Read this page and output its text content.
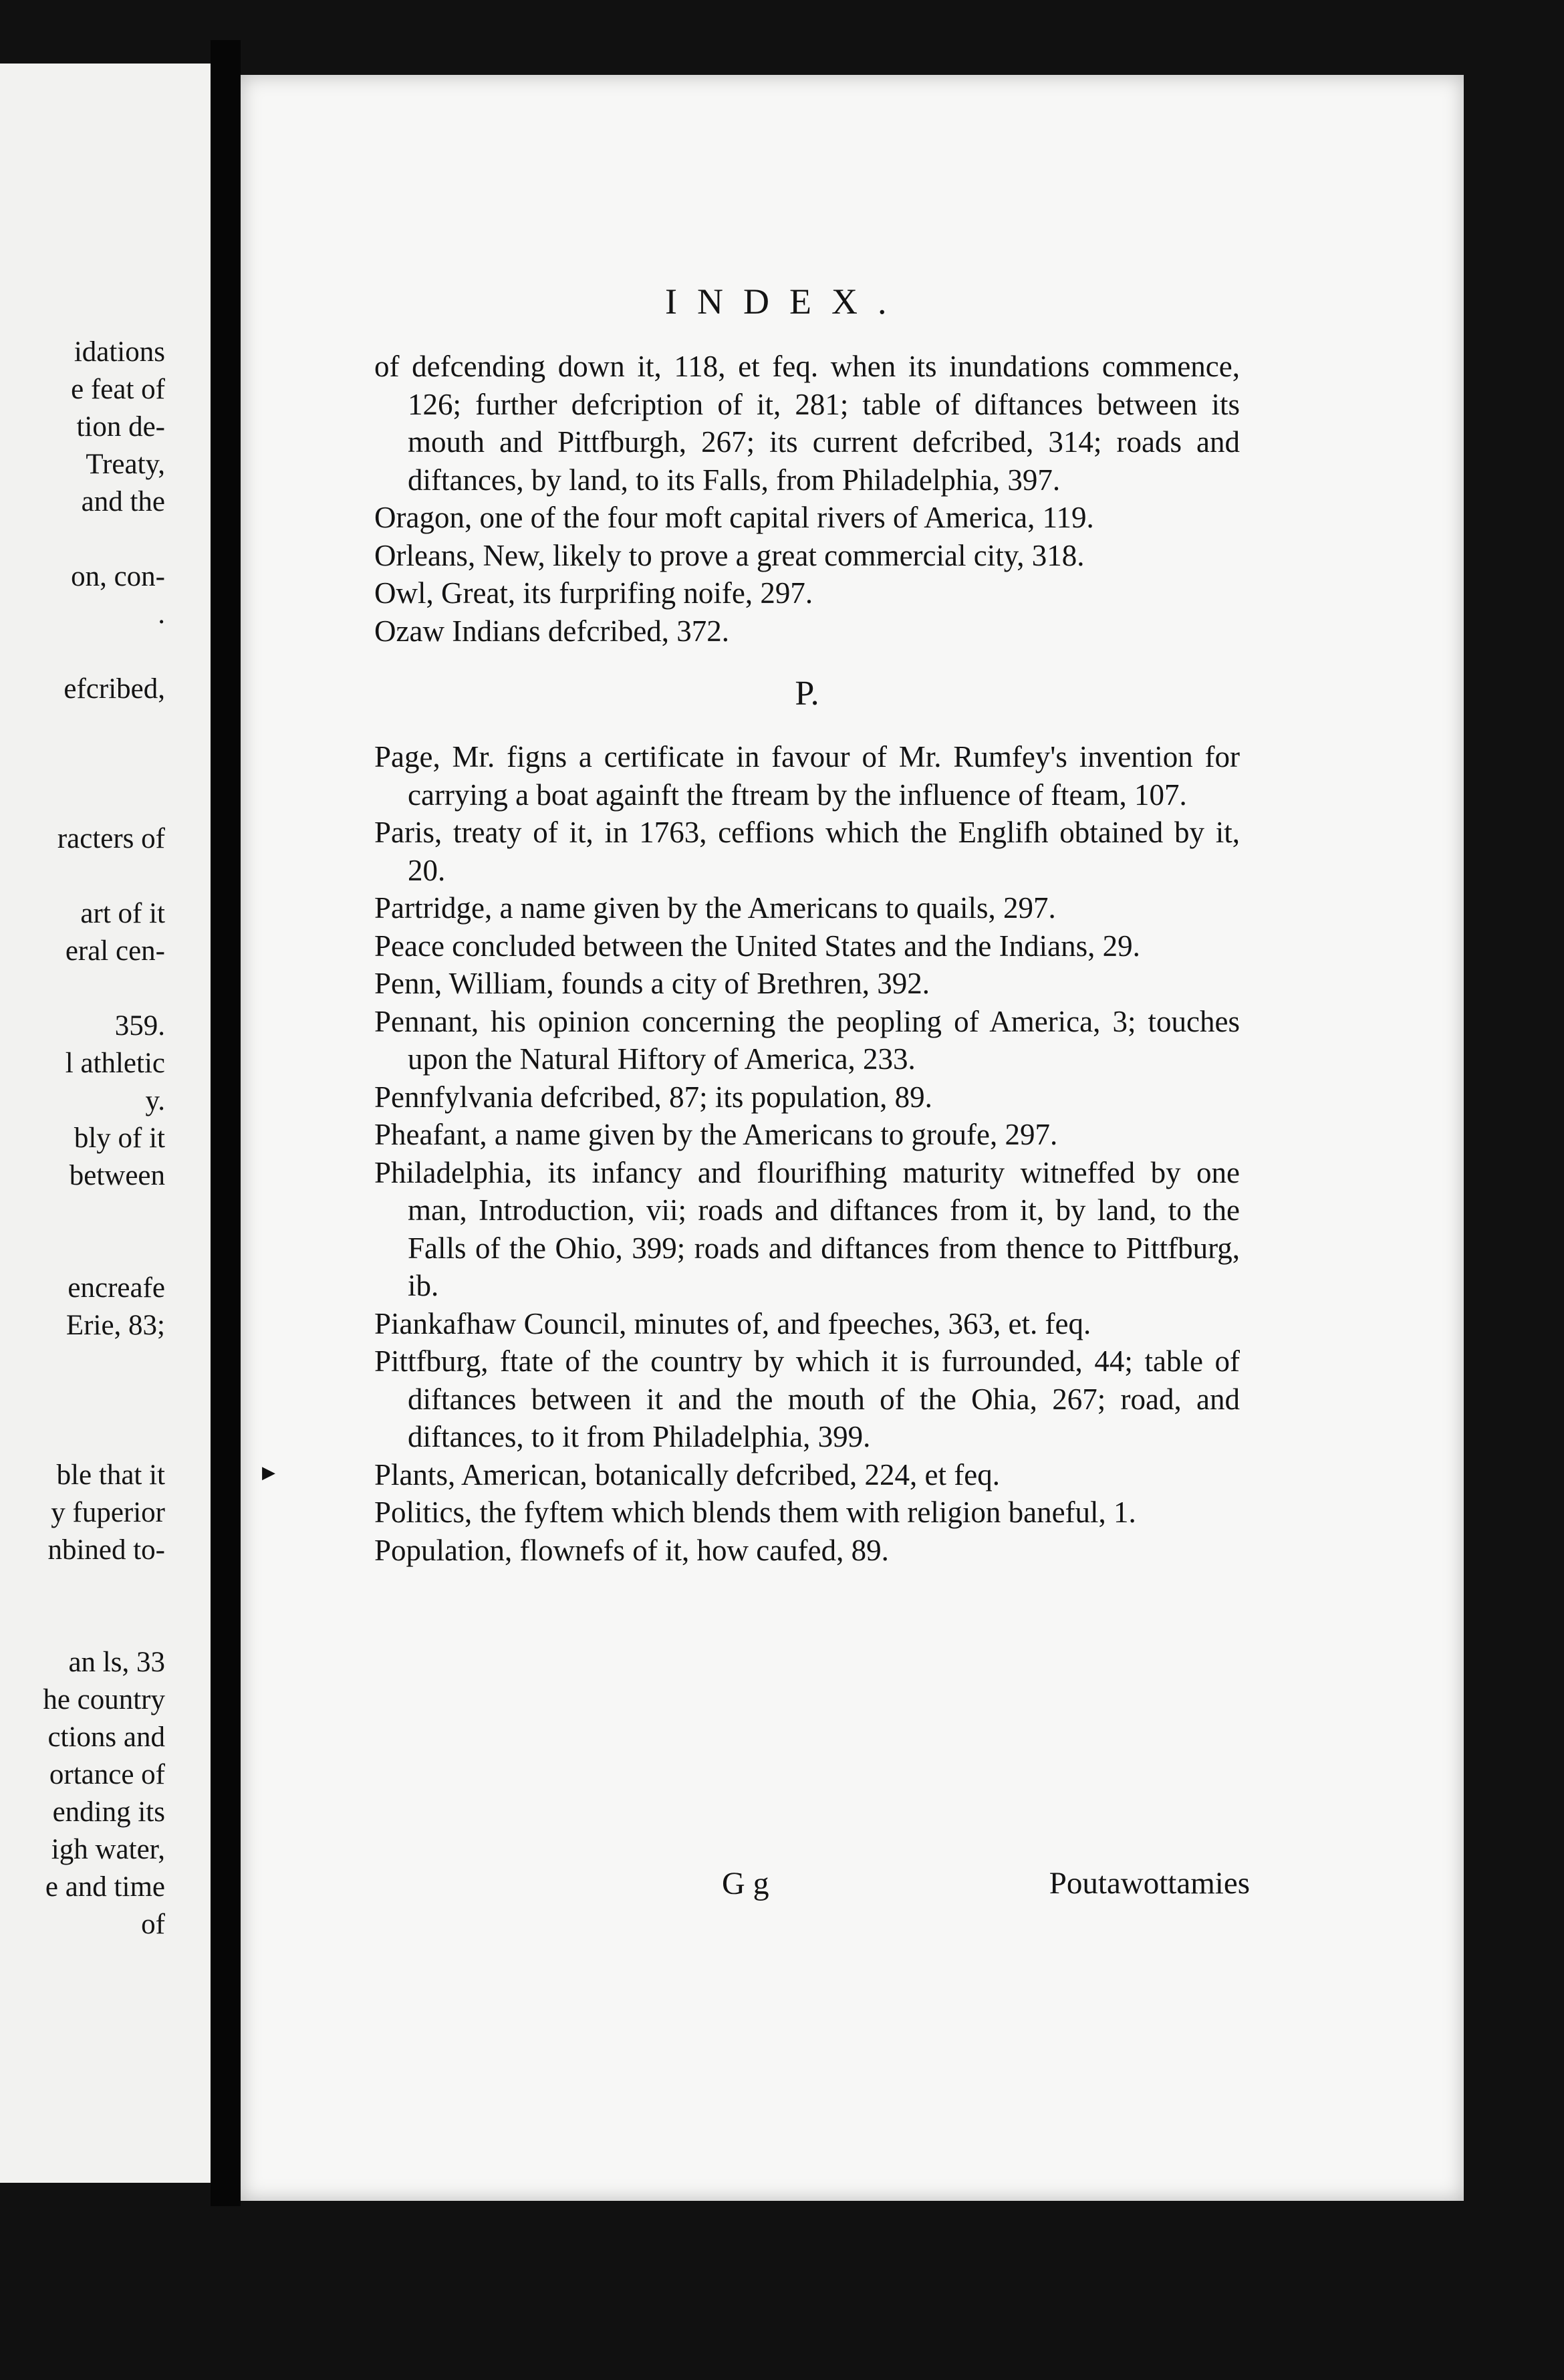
idations
e feat of
tion de-
Treaty,
and the
on, con-
.
efcribed,
racters of
art of it
eral cen-
359.
l athletic
y.
bly of it
between
encreafe
Erie, 83;
ble that it
y fuperior
nbined to-
an ls, 33
he country
ctions and
ortance of
ending its
igh water,
e and time
of
INDEX.
of defcending down it, 118, et feq. when its inundations commence, 126; further defcription of it, 281; table of diftances between its mouth and Pittfburgh, 267; its current defcribed, 314; roads and diftances, by land, to its Falls, from Philadelphia, 397.
Oragon, one of the four moft capital rivers of America, 119.
Orleans, New, likely to prove a great commercial city, 318.
Owl, Great, its furprifing noife, 297.
Ozaw Indians defcribed, 372.
P.
Page, Mr. figns a certificate in favour of Mr. Rumfey's invention for carrying a boat againft the ftream by the influence of fteam, 107.
Paris, treaty of it, in 1763, ceffions which the Englifh obtained by it, 20.
Partridge, a name given by the Americans to quails, 297.
Peace concluded between the United States and the Indians, 29.
Penn, William, founds a city of Brethren, 392.
Pennant, his opinion concerning the peopling of America, 3; touches upon the Natural Hiftory of America, 233.
Pennfylvania defcribed, 87; its population, 89.
Pheafant, a name given by the Americans to groufe, 297.
Philadelphia, its infancy and flourifhing maturity witneffed by one man, Introduction, vii; roads and diftances from it, by land, to the Falls of the Ohio, 399; roads and diftances from thence to Pittfburg, ib.
Piankafhaw Council, minutes of, and fpeeches, 363, et. feq.
Pittfburg, ftate of the country by which it is furrounded, 44; table of diftances between it and the mouth of the Ohia, 267; road, and diftances, to it from Philadelphia, 399.
Plants, American, botanically defcribed, 224, et feq.
Politics, the fyftem which blends them with religion baneful, 1.
Population, flownefs of it, how caufed, 89.
G g	Poutawottamies
▶
